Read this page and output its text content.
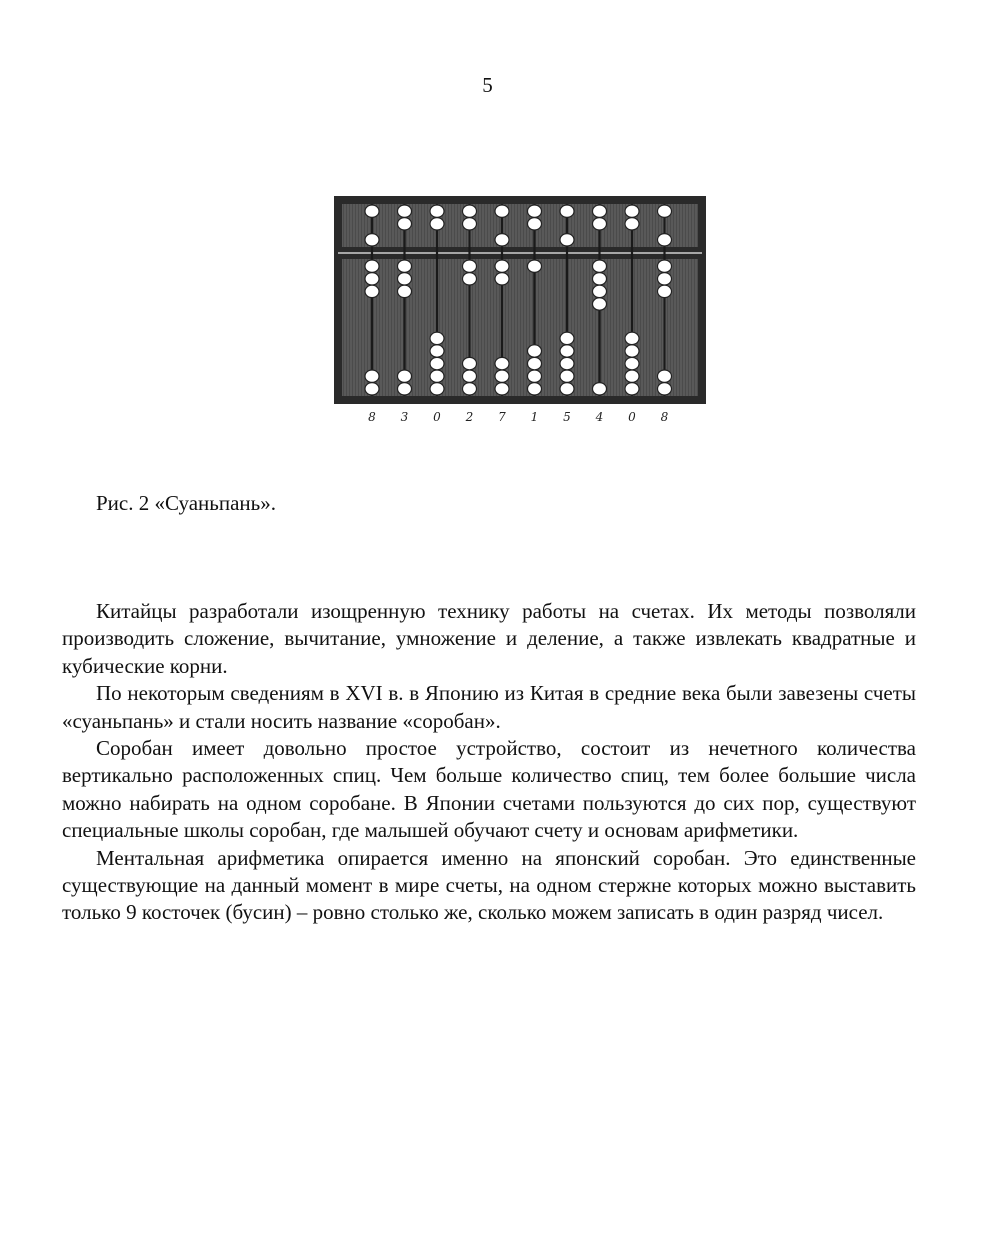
5
8 3 0 2 7 1 5 4 0 8
Рис. 2 «Суаньпань».

Китайцы разработали изощренную технику работы на счетах. Их методы позволяли производить сложение, вычитание, умножение и деление, а также извлекать квадратные и кубические корни.

По некоторым сведениям в XVI в. в Японию из Китая в средние века были завезены счеты «суаньпань» и стали носить название «соробан».

Соробан имеет довольно простое устройство, состоит из нечетного количества вертикально расположенных спиц. Чем больше количество спиц, тем более большие числа можно набирать на одном соробане. В Японии счетами пользуются до сих пор, существуют специальные школы соробан, где малышей обучают счету и основам арифметики.

Ментальная арифметика опирается именно на японский соробан. Это единственные существующие на данный момент в мире счеты, на одном стержне которых можно выставить только 9 косточек (бусин) – ровно столько же, сколько можем записать в один разряд чисел.
